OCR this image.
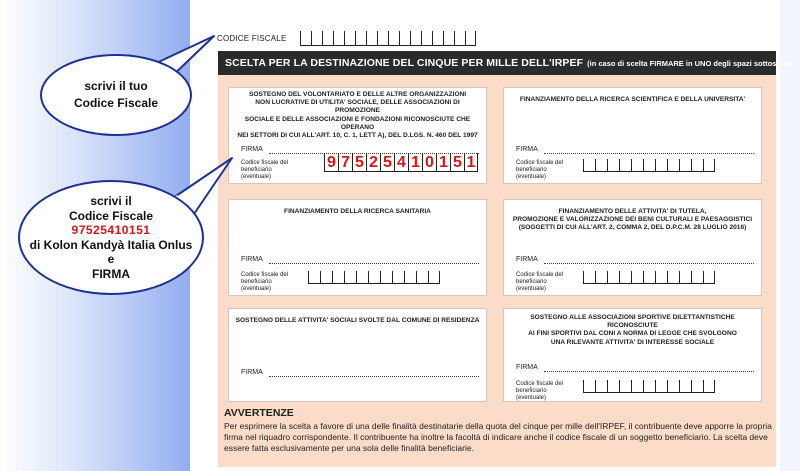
CODICE FISCALE
SCELTA PER LA DESTINAZIONE DEL CINQUE PER MILLE DELL'IRPEF (in caso di scelta FIRMARE in UNO degli spazi sottostanti)
SOSTEGNO DEL VOLONTARIATO E DELLE ALTRE ORGANIZZAZIONI
NON LUCRATIVE DI UTILITA' SOCIALE, DELLE ASSOCIAZIONI DI PROMOZIONE
SOCIALE E DELLE ASSOCIAZIONI E FONDAZIONI RICONOSCIUTE CHE OPERANO
NEI SETTORI DI CUI ALL'ART. 10, C. 1, LETT A), DEL D.LGS. N. 460 DEL 1997
FIRMA
Codice fiscale del
beneficiario (eventuale)
9 7 5 2 5 4 1 0 1 5 1
FINANZIAMENTO DELLA RICERCA SCIENTIFICA E DELLA UNIVERSITA'
FIRMA
Codice fiscale del
beneficiario (eventuale)
FINANZIAMENTO DELLA RICERCA SANITARIA
FIRMA
Codice fiscale del
beneficiario (eventuale)
FINANZIAMENTO DELLE ATTIVITA' DI TUTELA,
PROMOZIONE E VALORIZZAZIONE DEI BENI CULTURALI E PAESAGGISTICI
(SOGGETTI DI CUI ALL'ART. 2, COMMA 2, DEL D.P.C.M. 28 LUGLIO 2016)
FIRMA
Codice fiscale del
beneficiario (eventuale)
SOSTEGNO DELLE ATTIVITA' SOCIALI SVOLTE DAL COMUNE DI RESIDENZA
FIRMA
SOSTEGNO ALLE ASSOCIAZIONI SPORTIVE DILETTANTISTICHE RICONOSCIUTE
AI FINI SPORTIVI DAL CONI A NORMA DI LEGGE CHE SVOLGONO
UNA RILEVANTE ATTIVITA' DI INTERESSE SOCIALE
FIRMA
Codice fiscale del
beneficiario (eventuale)
AVVERTENZE

Per esprimere la scelta a favore di una delle finalità destinatarie della quota del cinque per mille dell'IRPEF, il contribuente deve apporre la propria firma nel riquadro corrispondente. Il contribuente ha inoltre la facoltà di indicare anche il codice fiscale di un soggetto beneficiario. La scelta deve essere fatta esclusivamente per una sola delle finalità beneficiarie.

scrivi il tuo
Codice Fiscale
scrivi il
Codice Fiscale
97525410151
di Kolon Kandyà Italia Onlus
e
FIRMA
